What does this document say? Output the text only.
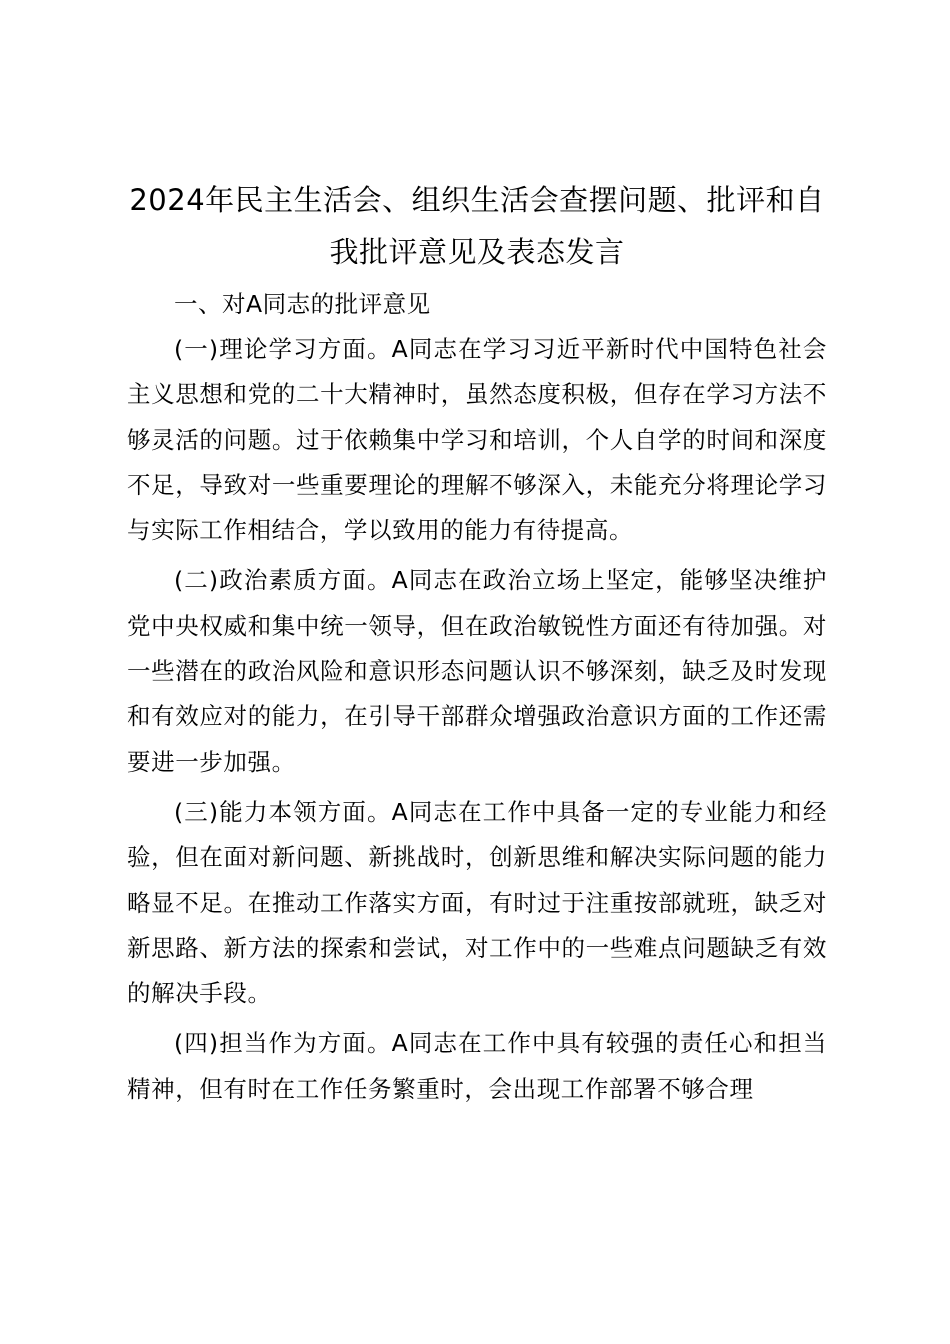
2024年民主生活会、组织生活会查摆问题、批评和自我批评意见及表态发言

一、对A同志的批评意见

(一)理论学习方面。A同志在学习习近平新时代中国特色社会主义思想和党的二十大精神时，虽然态度积极，但存在学习方法不够灵活的问题。过于依赖集中学习和培训，个人自学的时间和深度不足，导致对一些重要理论的理解不够深入，未能充分将理论学习与实际工作相结合，学以致用的能力有待提高。

(二)政治素质方面。A同志在政治立场上坚定，能够坚决维护党中央权威和集中统一领导，但在政治敏锐性方面还有待加强。对一些潜在的政治风险和意识形态问题认识不够深刻，缺乏及时发现和有效应对的能力，在引导干部群众增强政治意识方面的工作还需要进一步加强。

(三)能力本领方面。A同志在工作中具备一定的专业能力和经验，但在面对新问题、新挑战时，创新思维和解决实际问题的能力略显不足。在推动工作落实方面，有时过于注重按部就班，缺乏对新思路、新方法的探索和尝试，对工作中的一些难点问题缺乏有效的解决手段。

(四)担当作为方面。A同志在工作中具有较强的责任心和担当精神，但有时在工作任务繁重时，会出现工作部署不够合理
